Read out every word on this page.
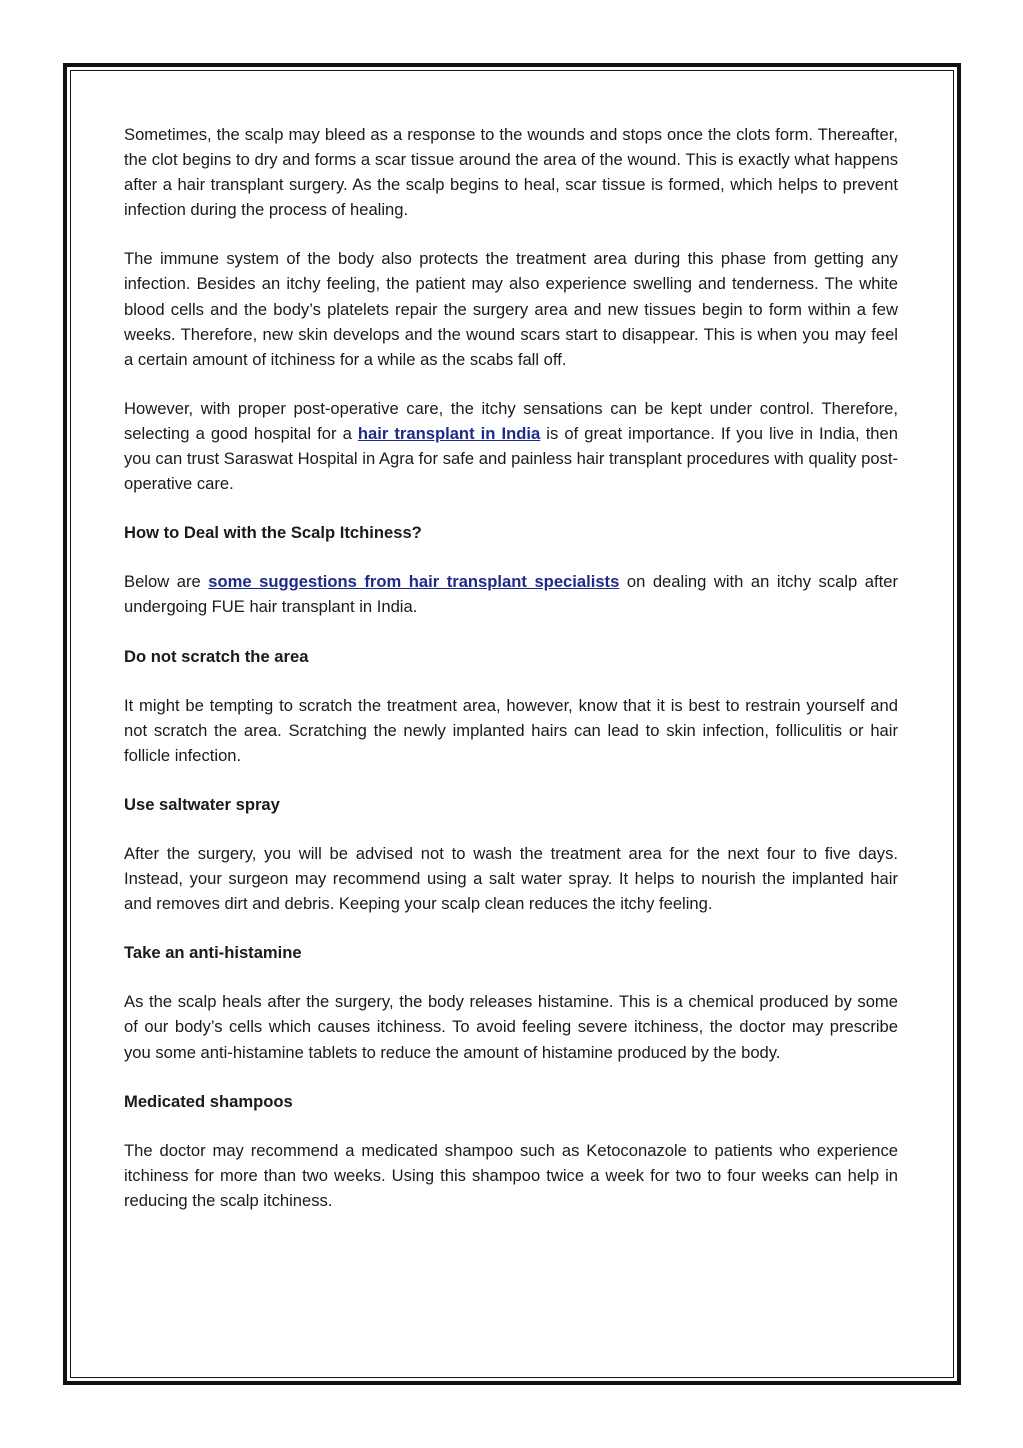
Sometimes, the scalp may bleed as a response to the wounds and stops once the clots form. Thereafter, the clot begins to dry and forms a scar tissue around the area of the wound. This is exactly what happens after a hair transplant surgery. As the scalp begins to heal, scar tissue is formed, which helps to prevent infection during the process of healing.

The immune system of the body also protects the treatment area during this phase from getting any infection. Besides an itchy feeling, the patient may also experience swelling and tenderness. The white blood cells and the body’s platelets repair the surgery area and new tissues begin to form within a few weeks. Therefore, new skin develops and the wound scars start to disappear. This is when you may feel a certain amount of itchiness for a while as the scabs fall off.

However, with proper post-operative care, the itchy sensations can be kept under control. Therefore, selecting a good hospital for a hair transplant in India is of great importance. If you live in India, then you can trust Saraswat Hospital in Agra for safe and painless hair transplant procedures with quality post-operative care.

How to Deal with the Scalp Itchiness?

Below are some suggestions from hair transplant specialists on dealing with an itchy scalp after undergoing FUE hair transplant in India.

Do not scratch the area

It might be tempting to scratch the treatment area, however, know that it is best to restrain yourself and not scratch the area. Scratching the newly implanted hairs can lead to skin infection, folliculitis or hair follicle infection.

Use saltwater spray

After the surgery, you will be advised not to wash the treatment area for the next four to five days. Instead, your surgeon may recommend using a salt water spray. It helps to nourish the implanted hair and removes dirt and debris. Keeping your scalp clean reduces the itchy feeling.

Take an anti-histamine

As the scalp heals after the surgery, the body releases histamine. This is a chemical produced by some of our body’s cells which causes itchiness. To avoid feeling severe itchiness, the doctor may prescribe you some anti-histamine tablets to reduce the amount of histamine produced by the body.

Medicated shampoos

The doctor may recommend a medicated shampoo such as Ketoconazole to patients who experience itchiness for more than two weeks. Using this shampoo twice a week for two to four weeks can help in reducing the scalp itchiness.
